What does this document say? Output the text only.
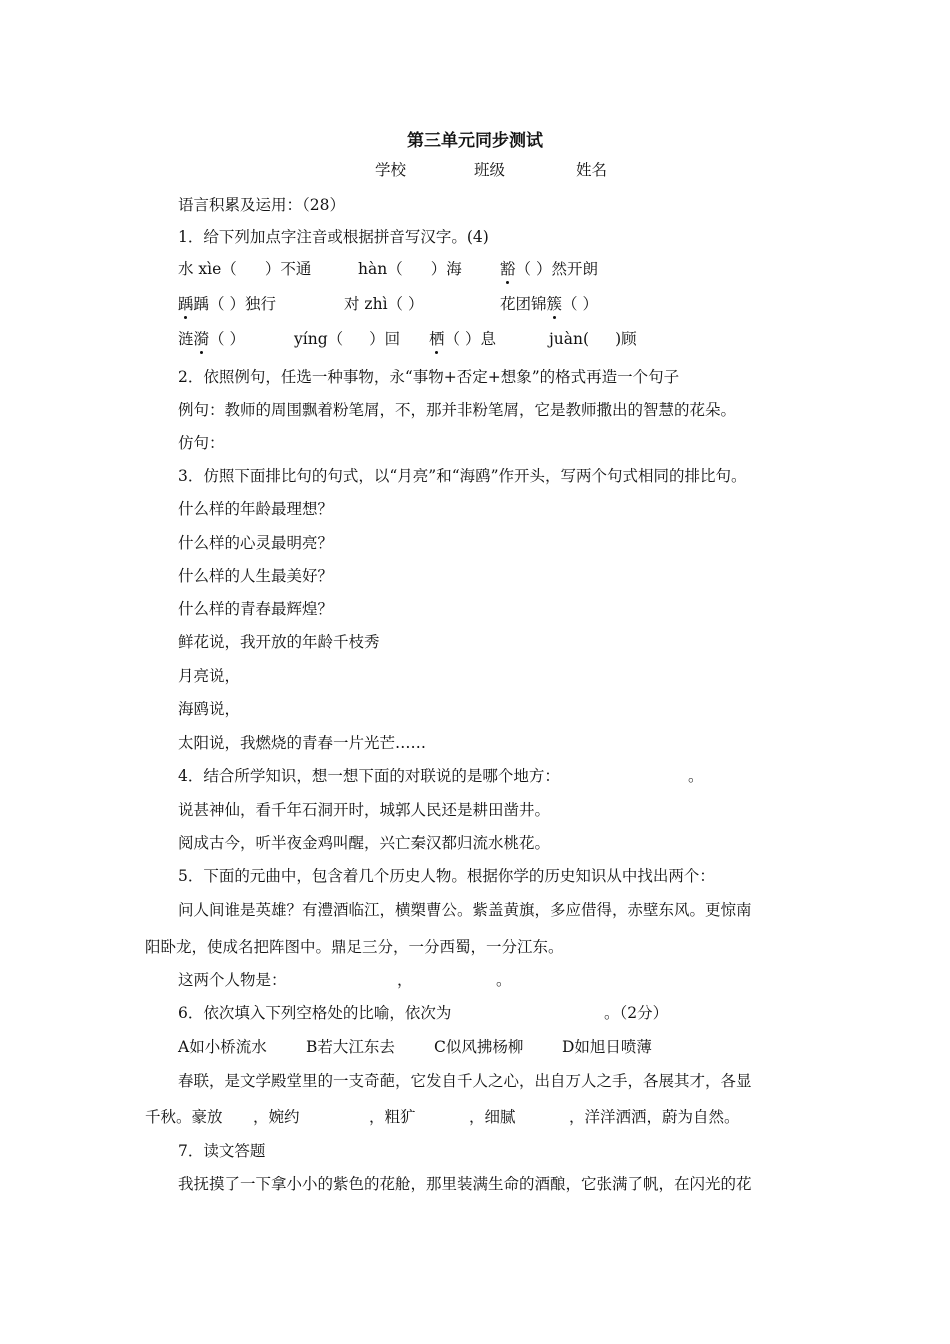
第三单元同步测试
学校	班级	姓名
语言积累及运用：（28）
1．给下列加点字注音或根据拼音写汉字。(4)
水 xìe（ ）不通	hàn（ ）海 豁（ ）然开朗
踽踽（ ）独行	对 zhì（ ）	花团锦簇（ ）
涟漪（ ）	yíng（ ）回 栖（ ）息	juàn( )顾
2．依照例句，任选一种事物，永“事物+否定+想象”的格式再造一个句子
例句：教师的周围飘着粉笔屑，不，那并非粉笔屑，它是教师撒出的智慧的花朵。
仿句：
3．仿照下面排比句的句式，以“月亮”和“海鸥”作开头，写两个句式相同的排比句。
什么样的年龄最理想？
什么样的心灵最明亮？
什么样的人生最美好？
什么样的青春最辉煌？
鲜花说，我开放的年龄千枝秀
月亮说，
海鸥说，
太阳说，我燃烧的青春一片光芒……
4．结合所学知识，想一想下面的对联说的是哪个地方：	。
说甚神仙，看千年石洞开时，城郭人民还是耕田凿井。
阅成古今，听半夜金鸡叫醒，兴亡秦汉都归流水桃花。
5．下面的元曲中，包含着几个历史人物。根据你学的历史知识从中找出两个：
问人间谁是英雄？有澧酒临江，横槊曹公。紫盖黄旗，多应借得，赤壁东风。更惊南
阳卧龙，使成名把阵图中。鼎足三分，一分西蜀，一分江东。
这两个人物是：	，	。
6．依次填入下列空格处的比喻，依次为	。（2分）
A如小桥流水	B若大江东去	C似风拂杨柳 D如旭日喷薄
春联，是文学殿堂里的一支奇葩，它发自千人之心，出自万人之手，各展其才，各显
千秋。豪放 ，婉约	，粗犷	，细腻	，洋洋洒洒，蔚为自然。
7．读文答题
我抚摸了一下拿小小的紫色的花舱，那里装满生命的酒酿，它张满了帆，在闪光的花
